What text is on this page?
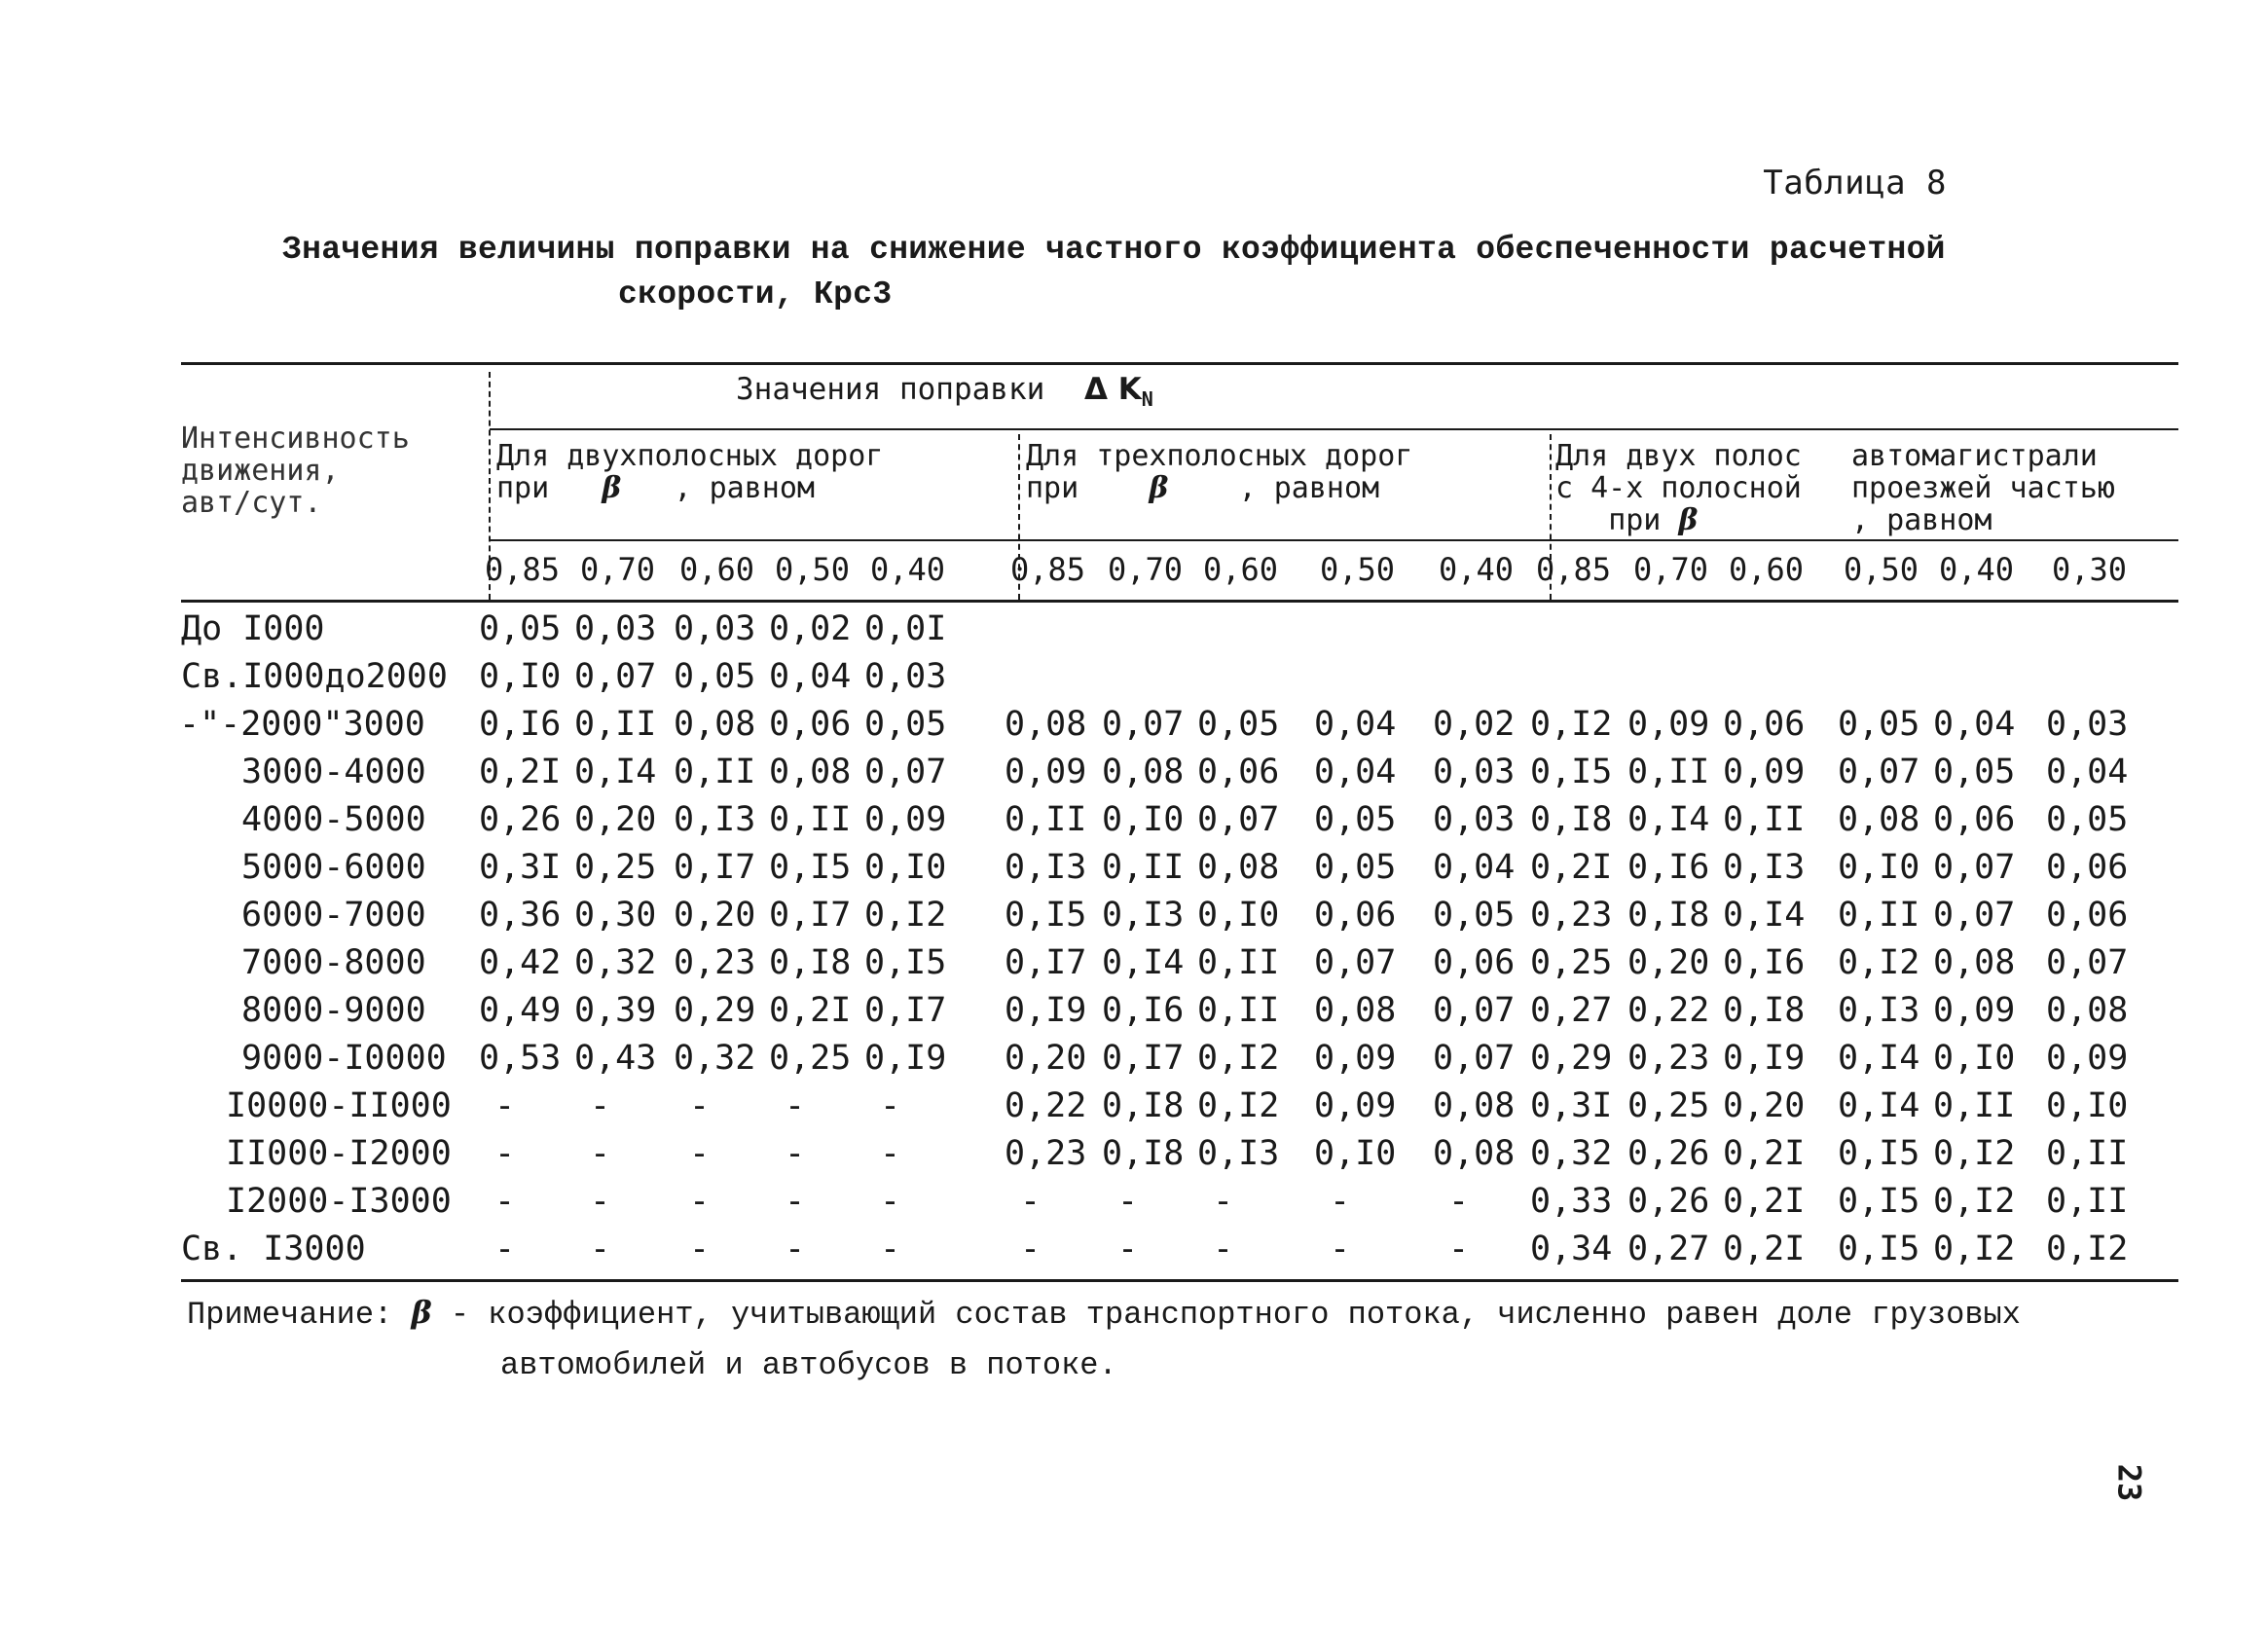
Таблица 8
Значения величины поправки на снижение частного коэффициента обеспеченности расчетной
скорости, Крс3
Интенсивность
движения,
авт/сут.
Значения поправки Δ $K_N$
Для двухполосных дорог
при β , равном
Для трехполосных дорог
при β , равном
Для двух полос
с 4-х полосной
при β
автомагистрали
проезжей частью
, равном
0,85 0,70 0,60 0,50 0,40 0,85 0,70 0,60 0,50 0,40 0,85 0,70 0,60 0,50 0,40 0,30
До I000	0,05 0,03 0,03 0,02 0,0I
Св.I000до2000 0,I0 0,07 0,05 0,04 0,03
-"-2000"3000 0,I6 0,II 0,08 0,06 0,05 0,08 0,07 0,05 0,04 0,02 0,I2 0,09 0,06 0,05 0,04 0,03
3000-4000 0,2I 0,I4 0,II 0,08 0,07 0,09 0,08 0,06 0,04 0,03 0,I5 0,II 0,09 0,07 0,05 0,04
4000-5000 0,26 0,20 0,I3 0,II 0,09 0,II 0,I0 0,07 0,05 0,03 0,I8 0,I4 0,II 0,08 0,06 0,05
5000-6000 0,3I 0,25 0,I7 0,I5 0,I0 0,I3 0,II 0,08 0,05 0,04 0,2I 0,I6 0,I3 0,I0 0,07 0,06
6000-7000 0,36 0,30 0,20 0,I7 0,I2 0,I5 0,I3 0,I0 0,06 0,05 0,23 0,I8 0,I4 0,II 0,07 0,06
7000-8000 0,42 0,32 0,23 0,I8 0,I5 0,I7 0,I4 0,II 0,07 0,06 0,25 0,20 0,I6 0,I2 0,08 0,07
8000-9000 0,49 0,39 0,29 0,2I 0,I7 0,I9 0,I6 0,II 0,08 0,07 0,27 0,22 0,I8 0,I3 0,09 0,08
9000-I0000 0,53 0,43 0,32 0,25 0,I9 0,20 0,I7 0,I2 0,09 0,07 0,29 0,23 0,I9 0,I4 0,I0 0,09
I0000-II000 - - - - -	0,22 0,I8 0,I2 0,09 0,08 0,3I 0,25 0,20 0,I4 0,II 0,I0
II000-I2000 - - - - -	0,23 0,I8 0,I3 0,I0 0,08 0,32 0,26 0,2I 0,I5 0,I2 0,II
I2000-I3000 - - - - -	- - -	-	- 0,33 0,26 0,2I 0,I5 0,I2 0,II
Св. I3000	- - - - -	- - -	-	- 0,34 0,27 0,2I 0,I5 0,I2 0,I2
Примечание: β - коэффициент, учитывающий состав транспортного потока, численно равен доле грузовых
автомобилей и автобусов в потоке.
23
